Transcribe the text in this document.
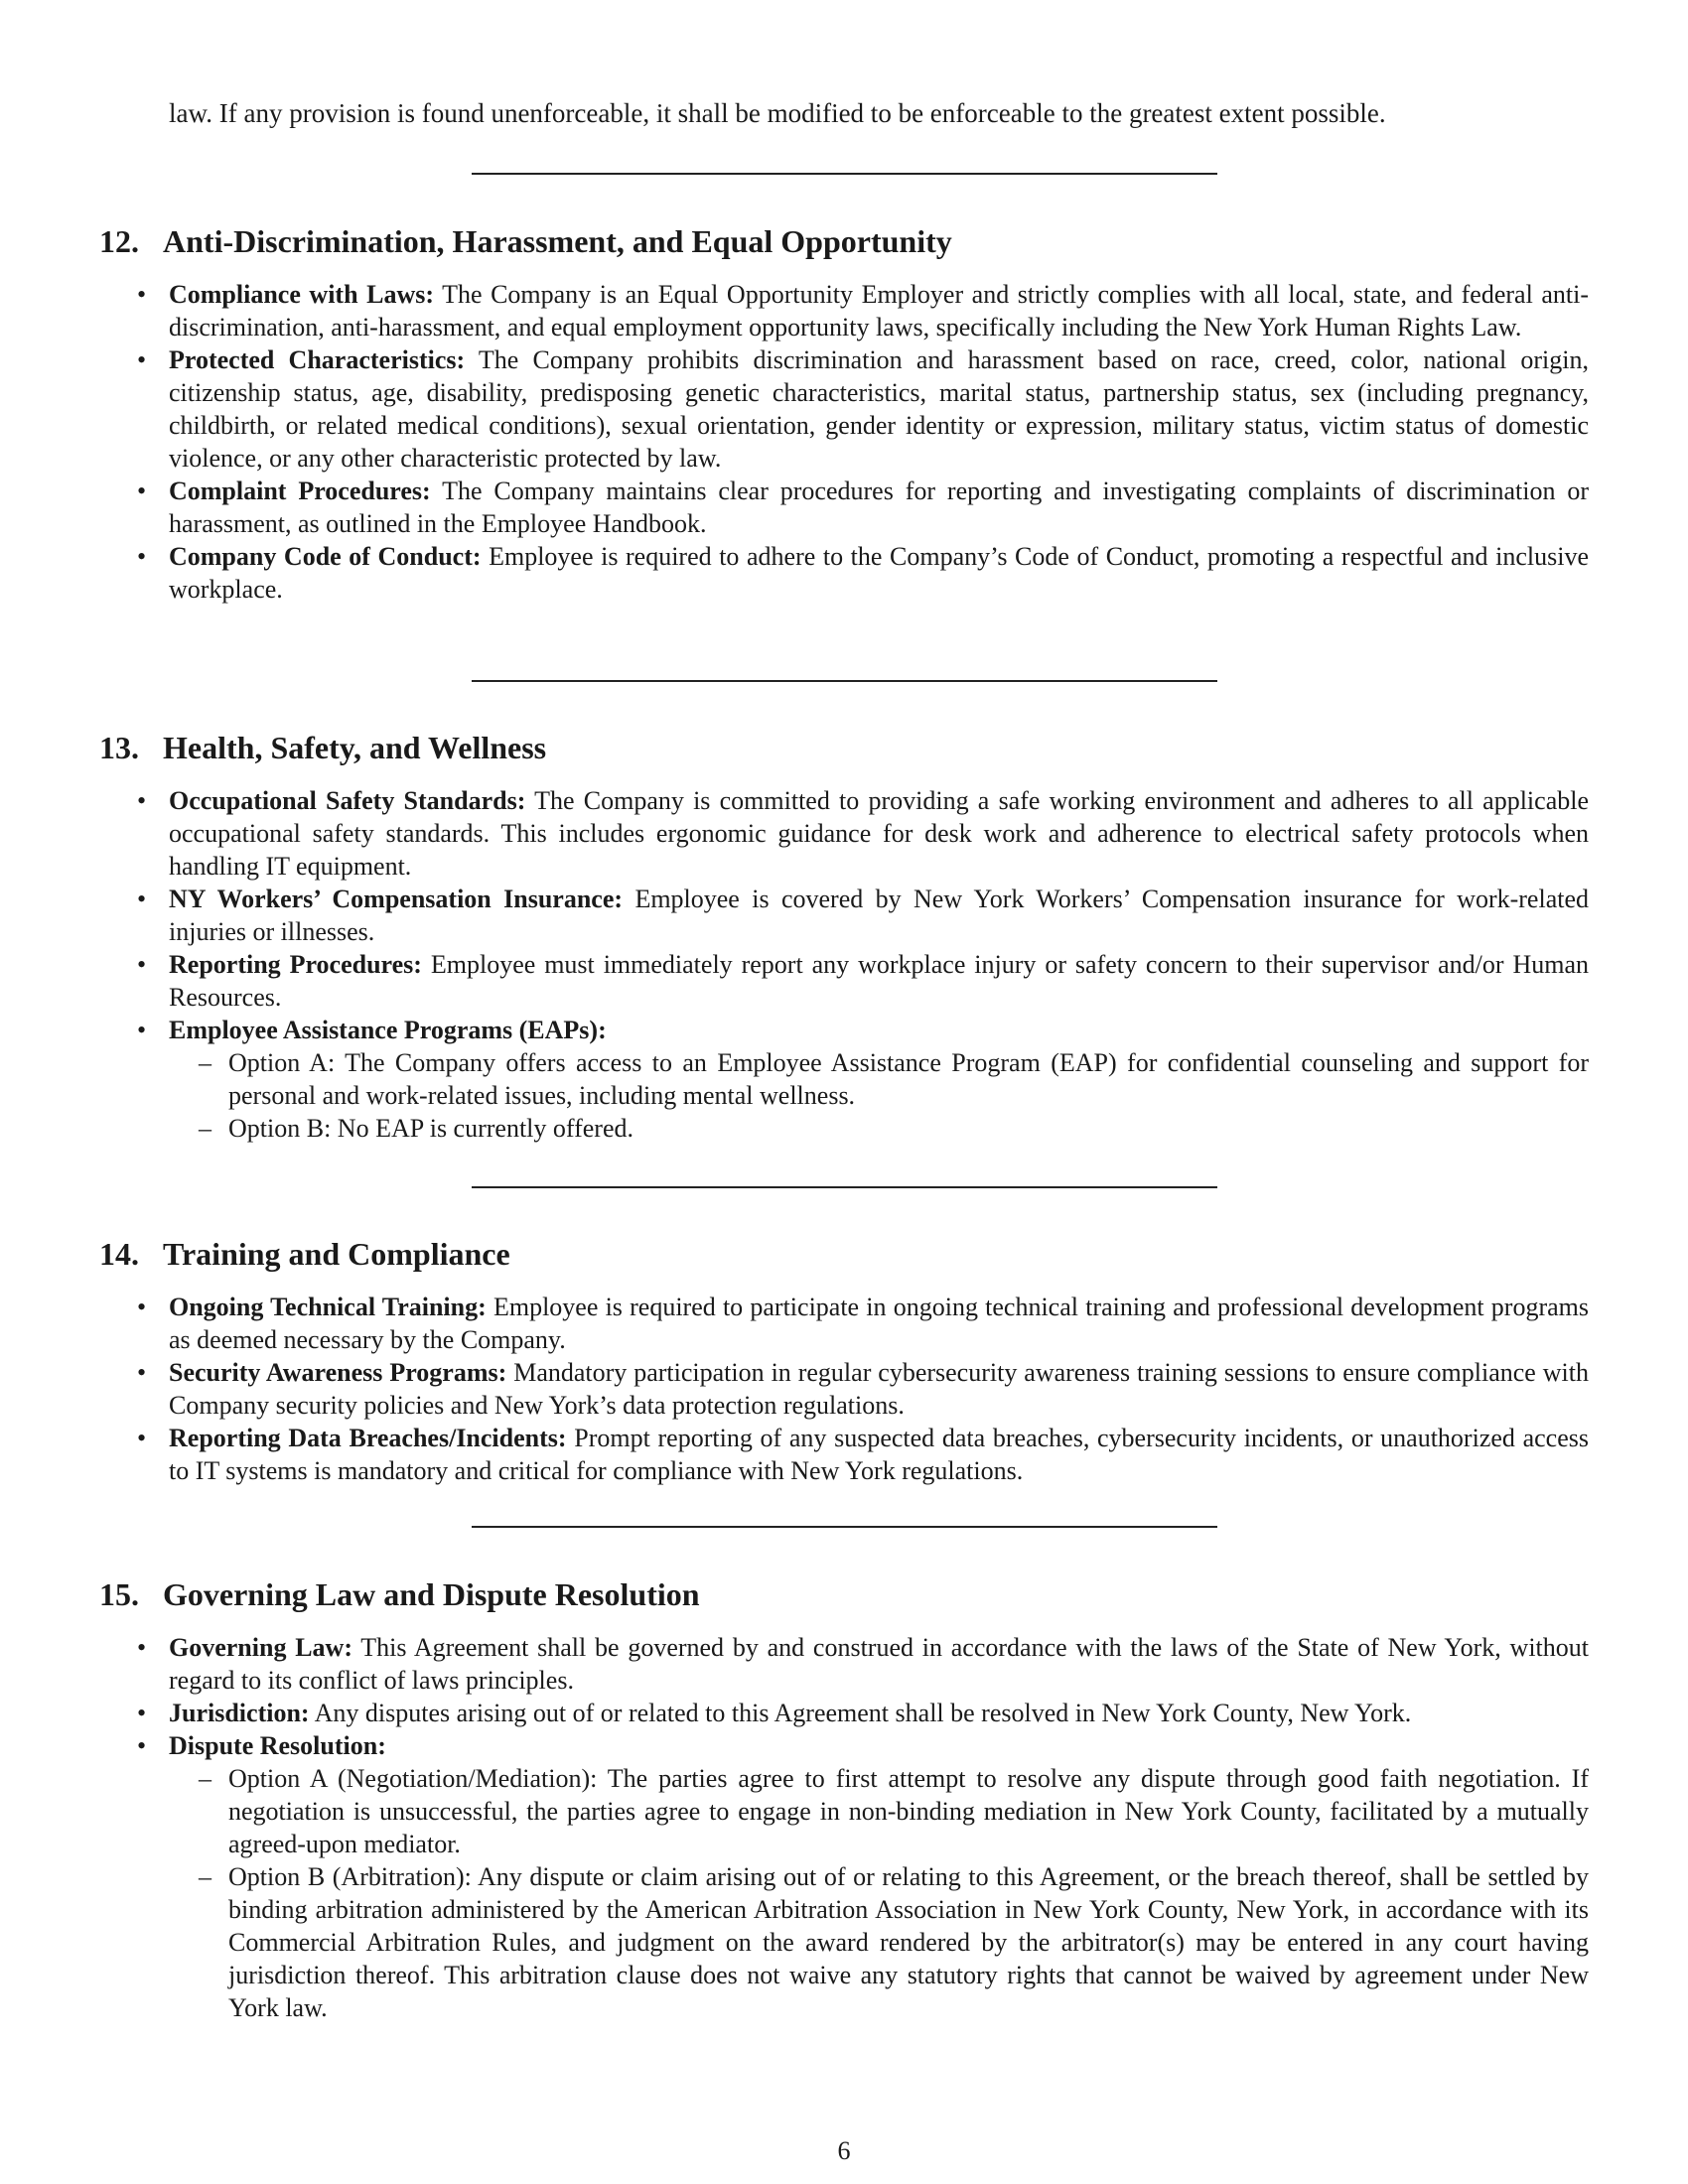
law. If any provision is found unenforceable, it shall be modified to be enforceable to the greatest extent possible.

12. Anti-Discrimination, Harassment, and Equal Opportunity
• Compliance with Laws: The Company is an Equal Opportunity Employer and strictly complies with all local, state, and federal anti-discrimination, anti-harassment, and equal employment opportunity laws, specifically including the New York Human Rights Law.
• Protected Characteristics: The Company prohibits discrimination and harassment based on race, creed, color, national origin, citizenship status, age, disability, predisposing genetic characteristics, marital status, partnership status, sex (including pregnancy, childbirth, or related medical conditions), sexual orientation, gender identity or expression, military status, victim status of domestic violence, or any other characteristic protected by law.
• Complaint Procedures: The Company maintains clear procedures for reporting and investigating complaints of discrimination or harassment, as outlined in the Employee Handbook.
• Company Code of Conduct: Employee is required to adhere to the Company’s Code of Conduct, promoting a respectful and inclusive workplace.
13. Health, Safety, and Wellness
• Occupational Safety Standards: The Company is committed to providing a safe working environment and adheres to all applicable occupational safety standards. This includes ergonomic guidance for desk work and adherence to electrical safety protocols when handling IT equipment.
• NY Workers’ Compensation Insurance: Employee is covered by New York Workers’ Compensation insurance for work-related injuries or illnesses.
• Reporting Procedures: Employee must immediately report any workplace injury or safety concern to their supervisor and/or Human Resources.
• Employee Assistance Programs (EAPs):
– Option A: The Company offers access to an Employee Assistance Program (EAP) for confidential counseling and support for personal and work-related issues, including mental wellness.
– Option B: No EAP is currently offered.
14. Training and Compliance
• Ongoing Technical Training: Employee is required to participate in ongoing technical training and professional development programs as deemed necessary by the Company.
• Security Awareness Programs: Mandatory participation in regular cybersecurity awareness training sessions to ensure compliance with Company security policies and New York’s data protection regulations.
• Reporting Data Breaches/Incidents: Prompt reporting of any suspected data breaches, cybersecurity incidents, or unauthorized access to IT systems is mandatory and critical for compliance with New York regulations.
15. Governing Law and Dispute Resolution
• Governing Law: This Agreement shall be governed by and construed in accordance with the laws of the State of New York, without regard to its conflict of laws principles.
• Jurisdiction: Any disputes arising out of or related to this Agreement shall be resolved in New York County, New York.
• Dispute Resolution:
– Option A (Negotiation/Mediation): The parties agree to first attempt to resolve any dispute through good faith negotiation. If negotiation is unsuccessful, the parties agree to engage in non-binding mediation in New York County, facilitated by a mutually agreed-upon mediator.
– Option B (Arbitration): Any dispute or claim arising out of or relating to this Agreement, or the breach thereof, shall be settled by binding arbitration administered by the American Arbitration Association in New York County, New York, in accordance with its Commercial Arbitration Rules, and judgment on the award rendered by the arbitrator(s) may be entered in any court having jurisdiction thereof. This arbitration clause does not waive any statutory rights that cannot be waived by agreement under New York law.
6
